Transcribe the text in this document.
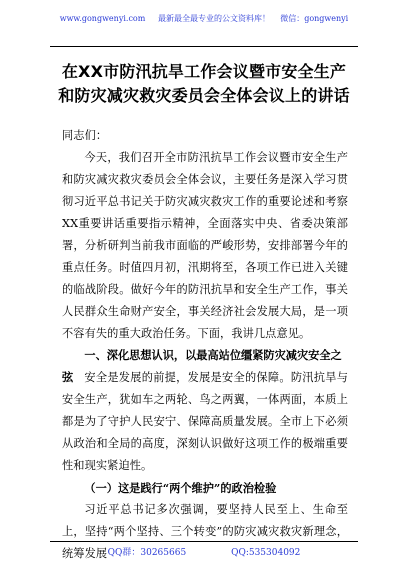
www.gongwenyi.com 最新最全最专业的公文资料库！ 微信：gongwenyi
在XX市防汛抗旱工作会议暨市安全生产
和防灾减灾救灾委员会全体会议上的讲话
同志们：

今天，我们召开全市防汛抗旱工作会议暨市安全生产和防灾减灾救灾委员会全体会议，主要任务是深入学习贯彻习近平总书记关于防灾减灾救灾工作的重要论述和考察XX重要讲话重要指示精神，全面落实中央、省委决策部署，分析研判当前我市面临的严峻形势，安排部署今年的重点任务。时值四月初，汛期将至，各项工作已进入关键的临战阶段。做好今年的防汛抗旱和安全生产工作，事关人民群众生命财产安全，事关经济社会发展大局，是一项不容有失的重大政治任务。下面，我讲几点意见。

一、深化思想认识，以最高站位缰紧防灾减灾安全之弦 安全是发展的前提，发展是安全的保障。防汛抗旱与安全生产，犹如车之两轮、鸟之两翼，一体两面，本质上都是为了守护人民安宁、保障高质量发展。全市上下必须从政治和全局的高度，深刻认识做好这项工作的极端重要性和现实紧迫性。

（一）这是践行“两个维护”的政治检验

习近平总书记多次强调，要坚持人民至上、生命至上，坚持“两个坚持、三个转变”的防灾减灾救灾新理念，统筹发展 QQ群：30265665	QQ:535304092
